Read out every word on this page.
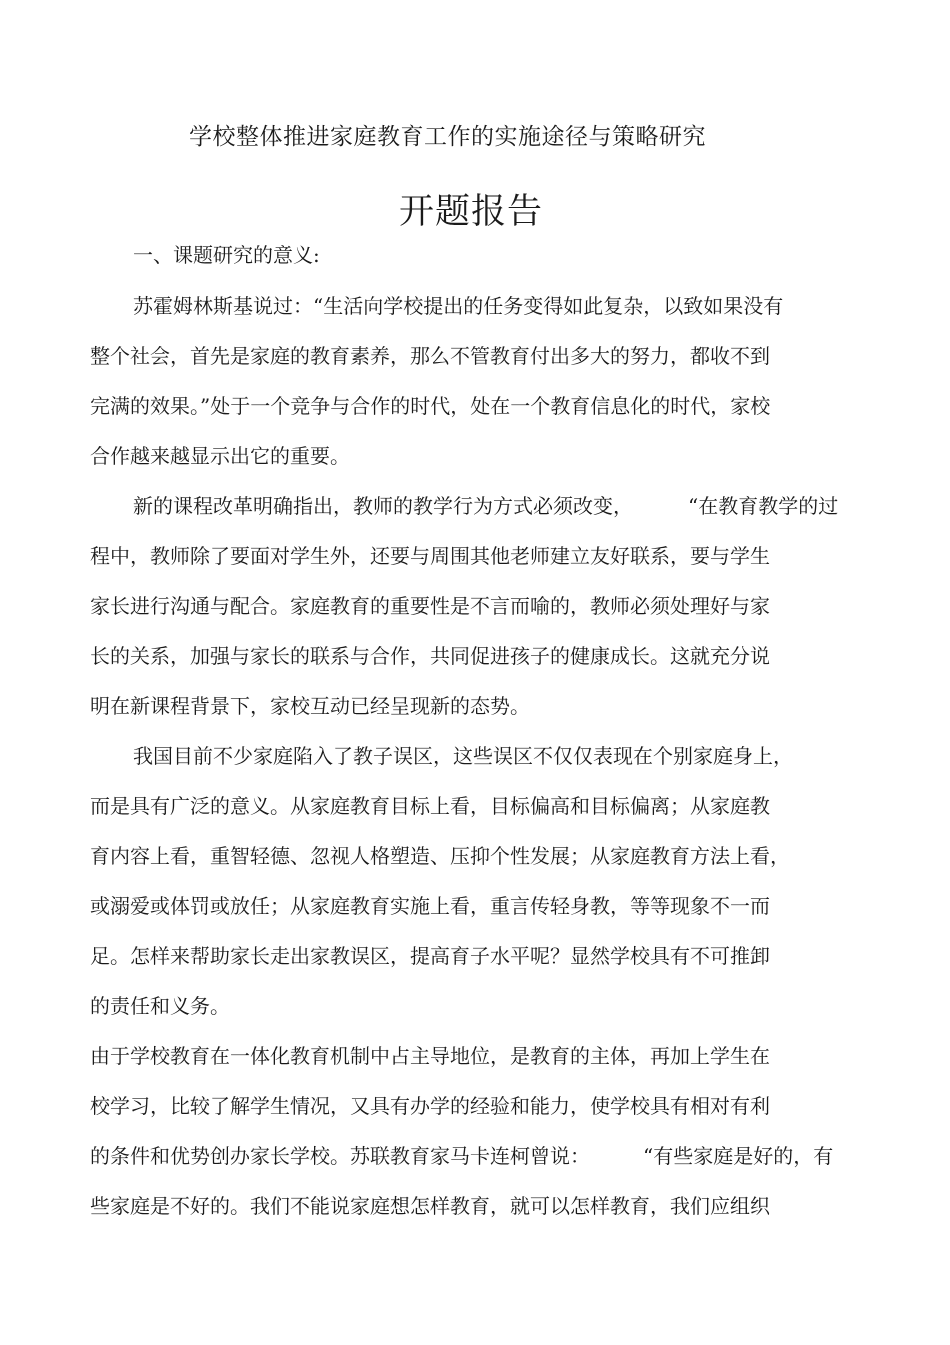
学校整体推进家庭教育工作的实施途径与策略研究
开题报告
一、课题研究的意义:
苏霍姆林斯基说过：“生活向学校提出的任务变得如此复杂，以致如果没有
整个社会，首先是家庭的教育素养，那么不管教育付出多大的努力，都收不到
完满的效果。”处于一个竞争与合作的时代，处在一个教育信息化的时代，家校
合作越来越显示出它的重要。
新的课程改革明确指出，教师的教学行为方式必须改变，	“在教育教学的过
程中，教师除了要面对学生外，还要与周围其他老师建立友好联系，要与学生
家长进行沟通与配合。家庭教育的重要性是不言而喻的，教师必须处理好与家
长的关系，加强与家长的联系与合作，共同促进孩子的健康成长。这就充分说
明在新课程背景下，家校互动已经呈现新的态势。
我国目前不少家庭陷入了教子误区，这些误区不仅仅表现在个别家庭身上，
而是具有广泛的意义。从家庭教育目标上看，目标偏高和目标偏离；从家庭教
育内容上看，重智轻德、忽视人格塑造、压抑个性发展；从家庭教育方法上看，
或溺爱或体罚或放任；从家庭教育实施上看，重言传轻身教，等等现象不一而
足。怎样来帮助家长走出家教误区，提高育子水平呢？显然学校具有不可推卸
的责任和义务。
由于学校教育在一体化教育机制中占主导地位，是教育的主体，再加上学生在
校学习，比较了解学生情况，又具有办学的经验和能力，使学校具有相对有利
的条件和优势创办家长学校。苏联教育家马卡连柯曾说：	“有些家庭是好的，有
些家庭是不好的。我们不能说家庭想怎样教育，就可以怎样教育，我们应组织
